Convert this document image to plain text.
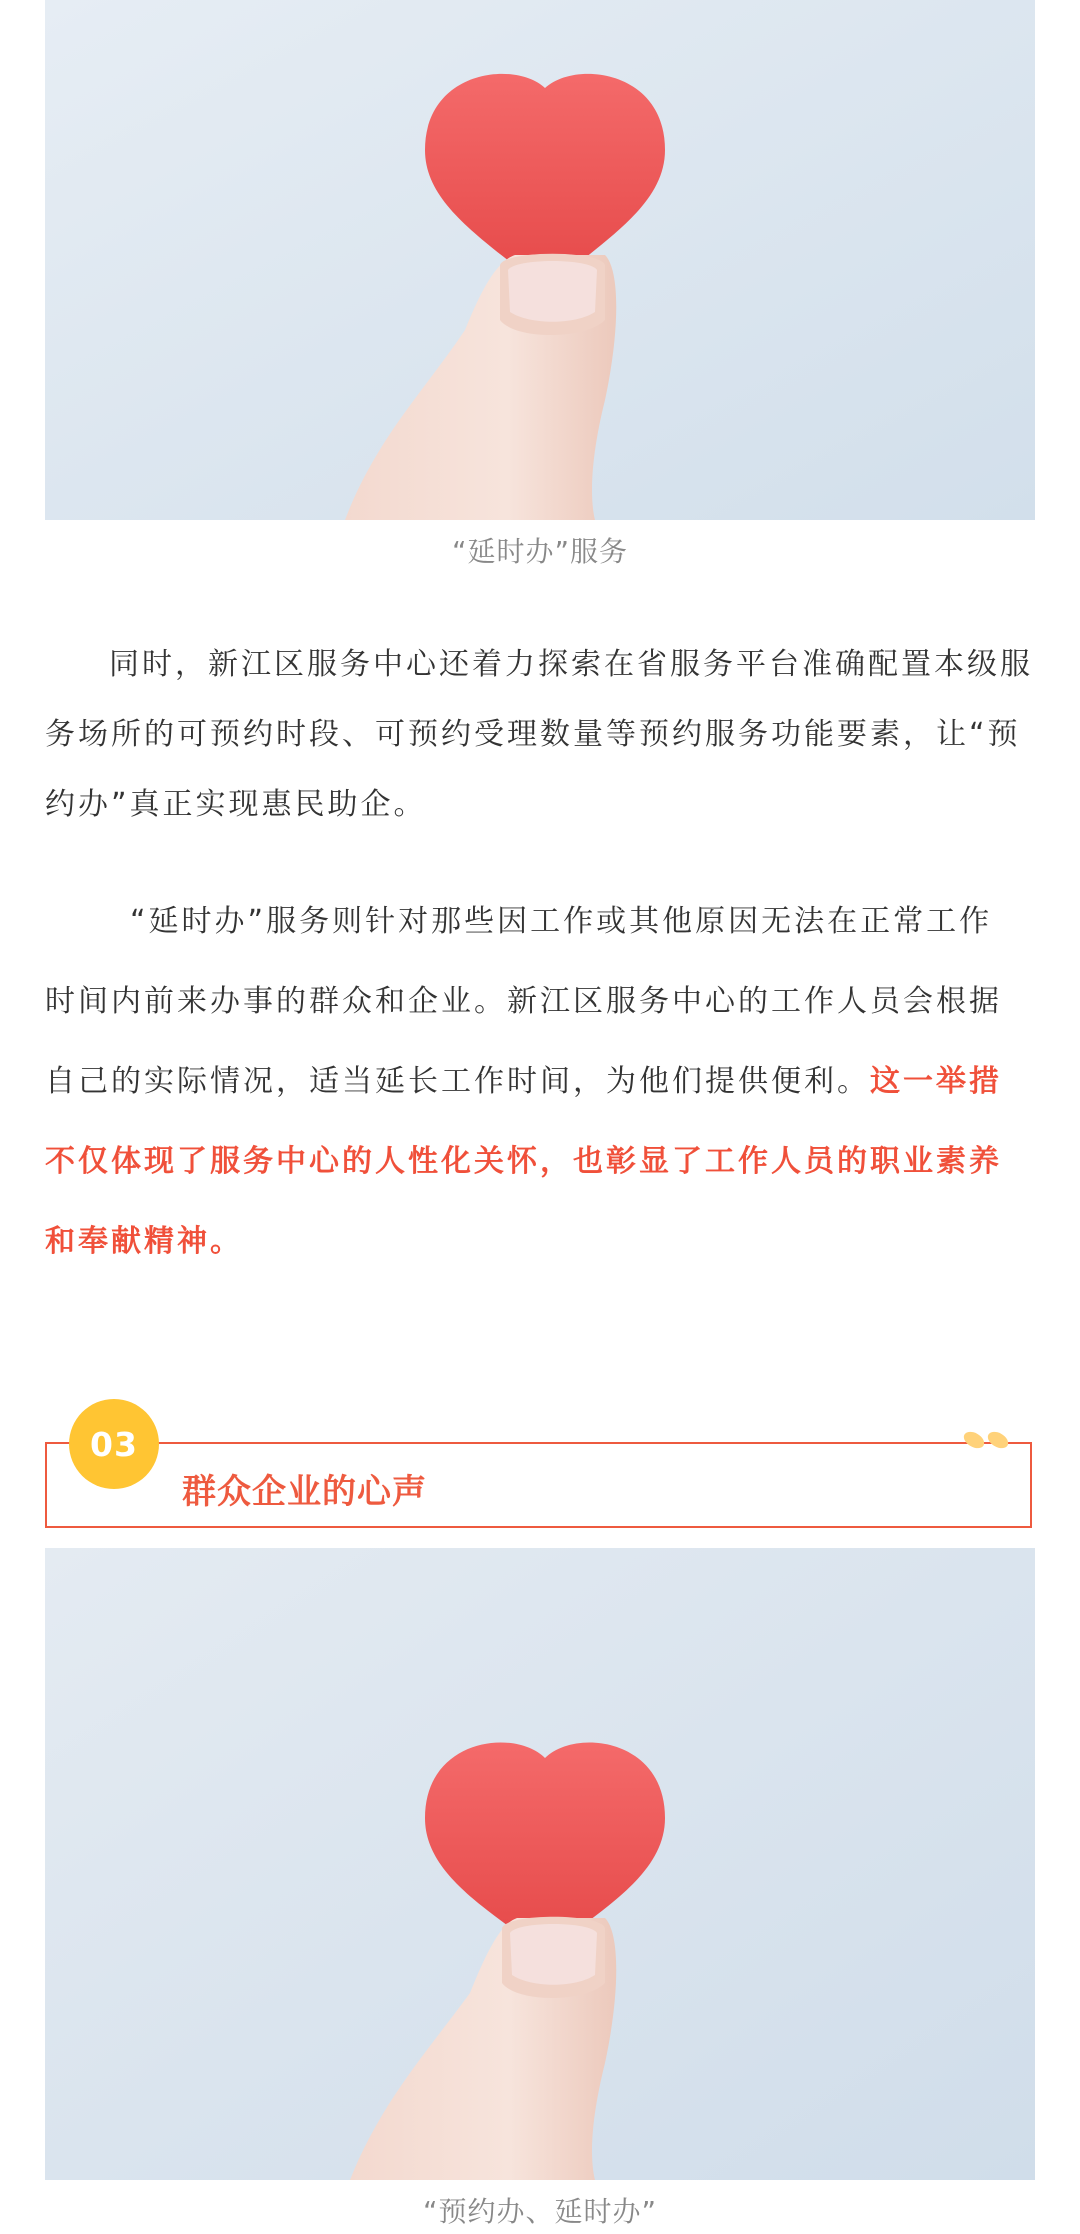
“延时办”服务

同时，新江区服务中心还着力探索在省服务平台准确配置本级服务场所的可预约时段、可预约受理数量等预约服务功能要素，让“预约办”真正实现惠民助企。

“延时办”服务则针对那些因工作或其他原因无法在正常工作时间内前来办事的群众和企业。新江区服务中心的工作人员会根据自己的实际情况，适当延长工作时间，为他们提供便利。这一举措不仅体现了服务中心的人性化关怀，也彰显了工作人员的职业素养和奉献精神。

03
群众企业的心声
“预约办、延时办”
